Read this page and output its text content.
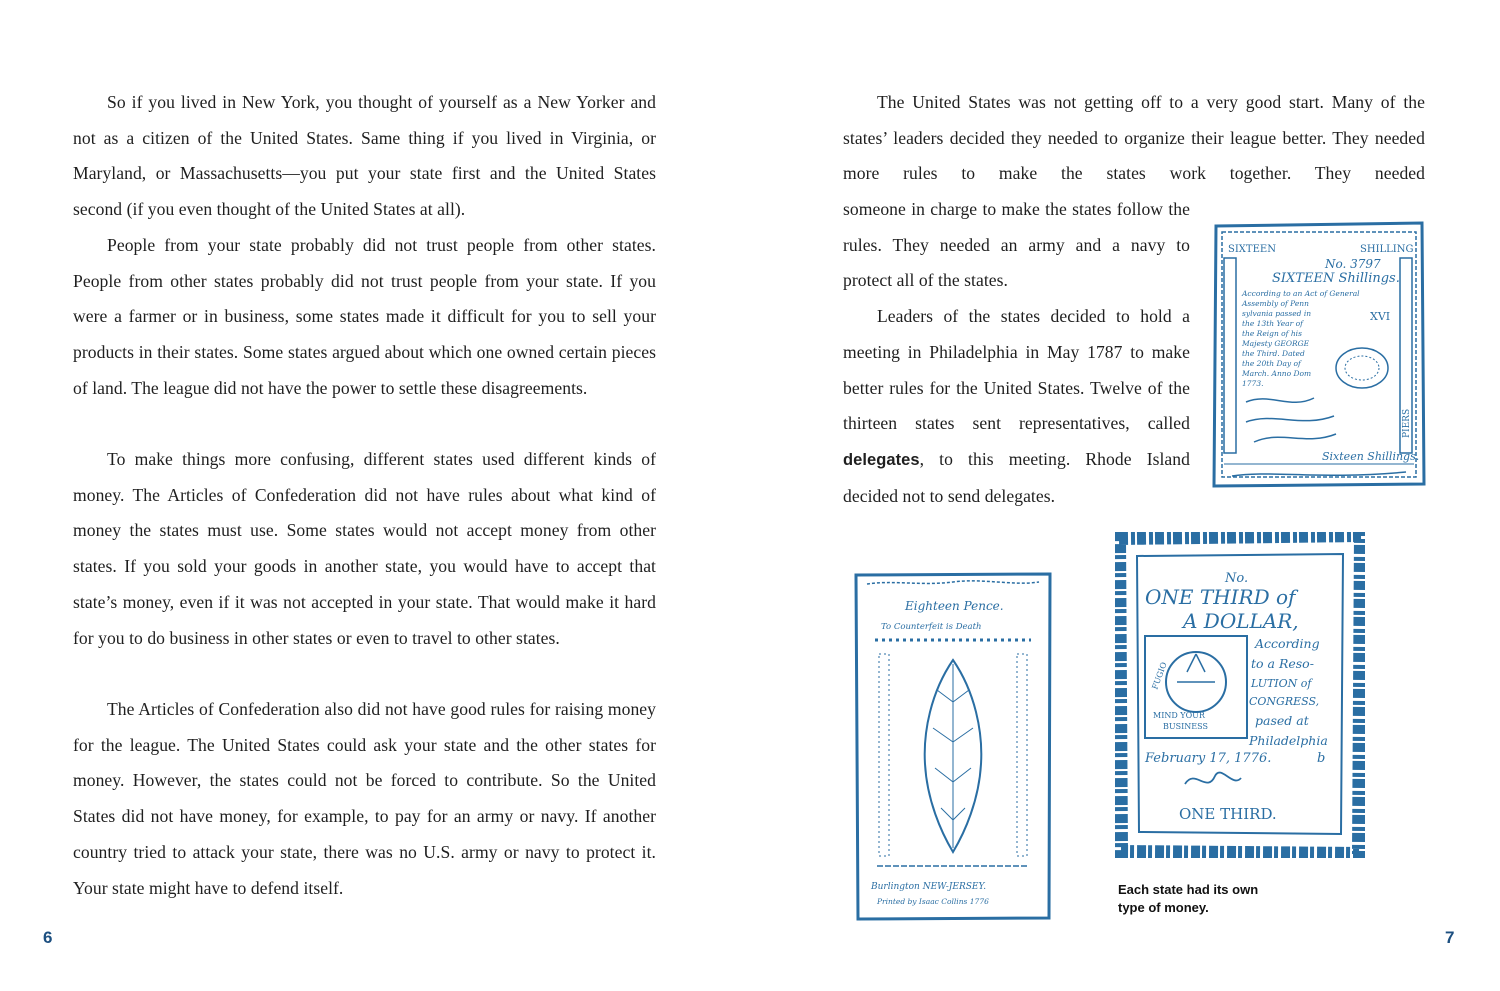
So if you lived in New York, you thought of yourself as a New Yorker and not as a citizen of the United States. Same thing if you lived in Virginia, or Maryland, or Massachusetts—you put your state first and the United States second (if you even thought of the United States at all).

People from your state probably did not trust people from other states. People from other states probably did not trust people from your state. If you were a farmer or in business, some states made it difficult for you to sell your products in their states. Some states argued about which one owned certain pieces of land. The league did not have the power to settle these disagreements.

To make things more confusing, different states used different kinds of money. The Articles of Confederation did not have rules about what kind of money the states must use. Some states would not accept money from other states. If you sold your goods in another state, you would have to accept that state’s money, even if it was not accepted in your state. That would make it hard for you to do business in other states or even to travel to other states.

The Articles of Confederation also did not have good rules for raising money for the league. The United States could ask your state and the other states for money. However, the states could not be forced to contribute. So the United States did not have money, for example, to pay for an army or navy. If another country tried to attack your state, there was no U.S. army or navy to protect it. Your state might have to defend itself.

6

The United States was not getting off to a very good start. Many of the states’ leaders decided they needed to organize their league better. They needed more rules to make the states work together. They needed

someone in charge to make the states follow the rules. They needed an army and a navy to protect all of the states.

Leaders of the states decided to hold a meeting in Philadelphia in May 1787 to make better rules for the United States. Twelve of the thirteen states sent representatives, called delegates, to this meeting. Rhode Island decided not to send delegates.

SIXTEEN	SHILLING
No. 3797
SIXTEEN Shillings.
According to an Act of General
Assembly of Penn
sylvania passed in
the 13th Year of
the Reign of his
Majesty GEORGE
the Third. Dated
the 20th Day of
March. Anno Dom
1773.
XVI
PIERS
Sixteen Shillings.
Eighteen Pence.
To Counterfeit is Death
Burlington NEW-JERSEY.
Printed by Isaac Collins 1776
No.
ONE THIRD of
A DOLLAR,
MIND YOUR
BUSINESS
FUGIO
According
to a Reso-
LUTION of
CONGRESS,
pased at
Philadelphia
February 17, 1776.	b
ONE THIRD.
Each state had its own type of money.
7
